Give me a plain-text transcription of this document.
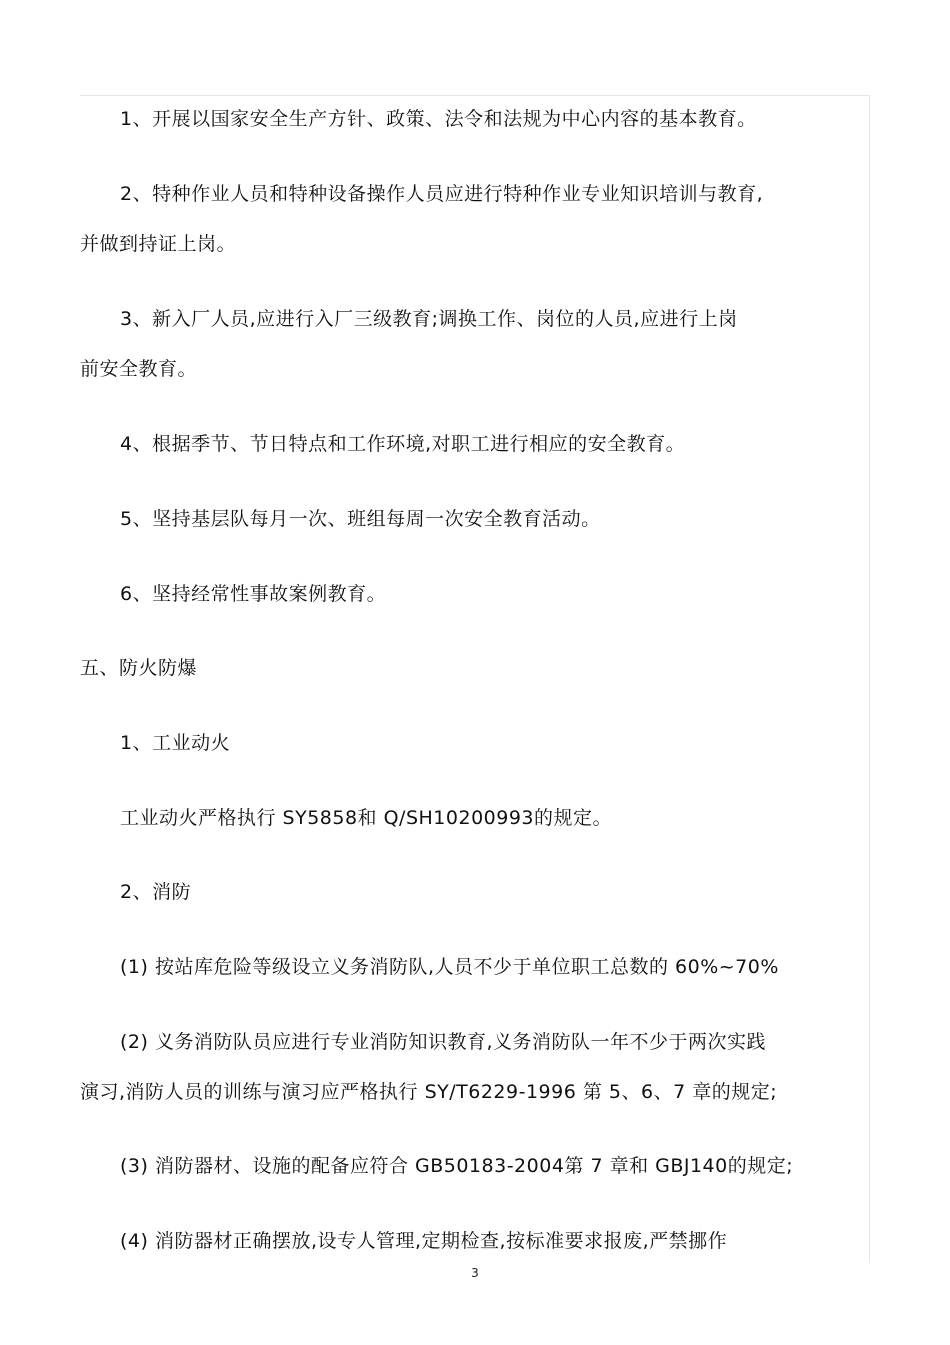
1、开展以国家安全生产方针、政策、法令和法规为中心内容的基本教育。
2、特种作业人员和特种设备操作人员应进行特种作业专业知识培训与教育,
并做到持证上岗。
3、新入厂人员,应进行入厂三级教育;调换工作、岗位的人员,应进行上岗
前安全教育。
4、根据季节、节日特点和工作环境,对职工进行相应的安全教育。
5、坚持基层队每月一次、班组每周一次安全教育活动。
6、坚持经常性事故案例教育。
五、防火防爆
1、工业动火
工业动火严格执行 SY5858和 Q/SH10200993的规定。
2、消防
(1) 按站库危险等级设立义务消防队,人员不少于单位职工总数的 60%~70%
(2) 义务消防队员应进行专业消防知识教育,义务消防队一年不少于两次实践
演习,消防人员的训练与演习应严格执行 SY/T6229-1996 第 5、6、7 章的规定;
(3) 消防器材、设施的配备应符合 GB50183-2004第 7 章和 GBJ140的规定;
(4) 消防器材正确摆放,设专人管理,定期检查,按标准要求报废,严禁挪作
3
